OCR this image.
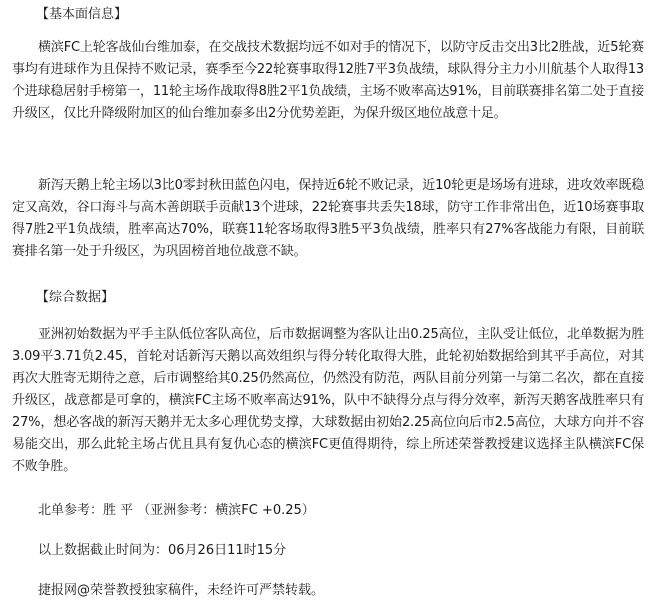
【基本面信息】

横滨FC上轮客战仙台维加泰，在交战技术数据均远不如对手的情况下，以防守反击交出3比2胜战，近5轮赛事均有进球作为且保持不败记录，赛季至今22轮赛事取得12胜7平3负战绩，球队得分主力小川航基个人取得13个进球稳居射手榜第一，11轮主场作战取得8胜2平1负战绩，主场不败率高达91%，目前联赛排名第二处于直接升级区，仅比升降级附加区的仙台维加泰多出2分优势差距，为保升级区地位战意十足。

新泻天鹅上轮主场以3比0零封秋田蓝色闪电，保持近6轮不败记录，近10轮更是场场有进球，进攻效率既稳定又高效，谷口海斗与高木善朗联手贡献13个进球，22轮赛事共丢失18球，防守工作非常出色，近10场赛事取得7胜2平1负战绩，胜率高达70%，联赛11轮客场取得3胜5平3负战绩，胜率只有27%客战能力有限，目前联赛排名第一处于升级区，为巩固榜首地位战意不缺。

【综合数据】

亚洲初始数据为平手主队低位客队高位，后市数据调整为客队让出0.25高位，主队受让低位，北单数据为胜3.09平3.71负2.45，首轮对话新泻天鹅以高效组织与得分转化取得大胜，此轮初始数据给到其平手高位，对其再次大胜寄无期待之意，后市调整给其0.25仍然高位，仍然没有防范，两队目前分列第一与第二名次，都在直接升级区，战意都是可拿的，横滨FC主场不败率高达91%，队中不缺得分点与得分效率，新泻天鹅客战胜率只有27%，想必客战的新泻天鹅并无太多心理优势支撑，大球数据由初始2.25高位向后市2.5高位，大球方向并不容易能交出，那么此轮主场占优且具有复仇心态的横滨FC更值得期待，综上所述荣誉教授建议选择主队横滨FC保不败争胜。

北单参考：胜 平 （亚洲参考：横滨FC +0.25）

以上数据截止时间为：06月26日11时15分

捷报网@荣誉教授独家稿件，未经许可严禁转载。
